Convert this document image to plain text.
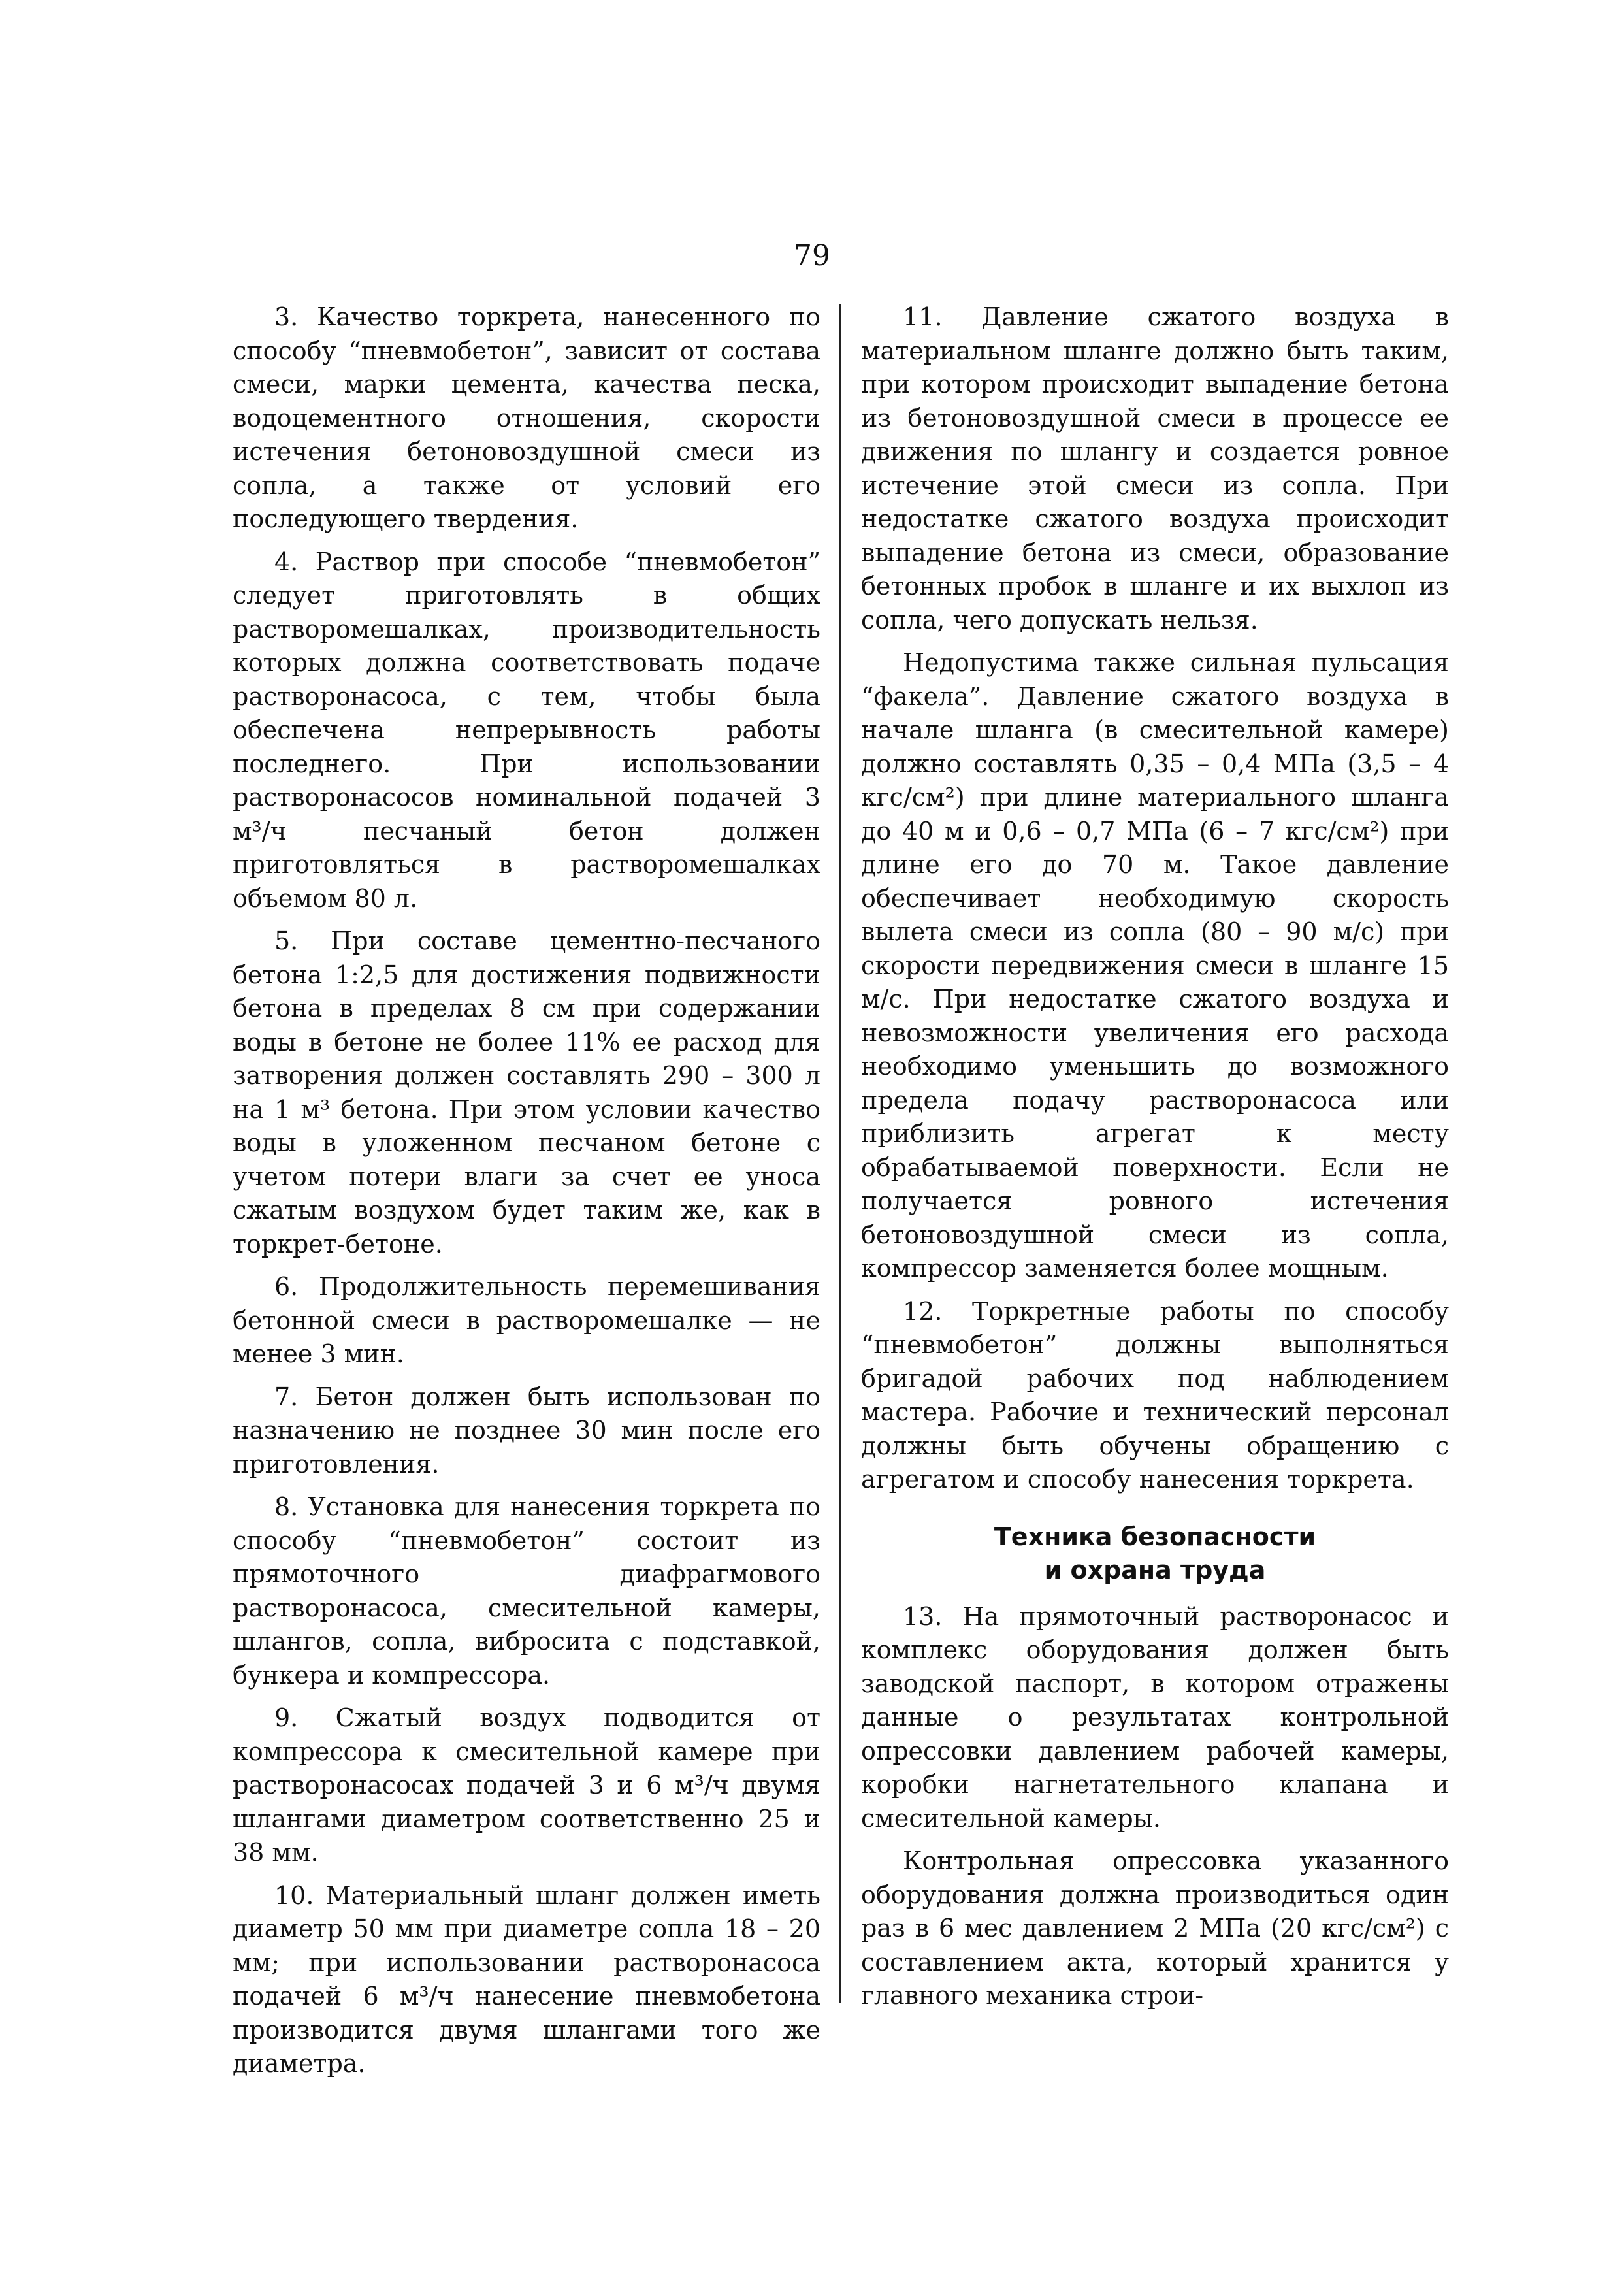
79

3. Качество торкрета, нанесенного по способу “пневмобетон”, зависит от состава смеси, марки цемента, качества песка, водоцементного отношения, скорости истечения бетоновоздушной смеси из сопла, а также от условий его последующего твердения.

4. Раствор при способе “пневмобетон” следует приготовлять в общих растворомешалках, производительность которых должна соответствовать подаче растворонасоса, с тем, чтобы была обеспечена непрерывность работы последнего. При использовании растворонасосов номинальной подачей 3 м³/ч песчаный бетон должен приготовляться в растворомешалках объемом 80 л.

5. При составе цементно-песчаного бетона 1:2,5 для достижения подвижности бетона в пределах 8 см при содержании воды в бетоне не более 11% ее расход для затворения должен составлять 290 – 300 л на 1 м³ бетона. При этом условии качество воды в уложенном песчаном бетоне с учетом потери влаги за счет ее уноса сжатым воздухом будет таким же, как в торкрет-бетоне.

6. Продолжительность перемешивания бетонной смеси в растворомешалке — не менее 3 мин.

7. Бетон должен быть использован по назначению не позднее 30 мин после его приготовления.

8. Установка для нанесения торкрета по способу “пневмобетон” состоит из прямоточного диафрагмового растворонасоса, смесительной камеры, шлангов, сопла, вибросита с подставкой, бункера и компрессора.

9. Сжатый воздух подводится от компрессора к смесительной камере при растворонасосах подачей 3 и 6 м³/ч двумя шлангами диаметром соответственно 25 и 38 мм.

10. Материальный шланг должен иметь диаметр 50 мм при диаметре сопла 18 – 20 мм; при использовании растворонасоса подачей 6 м³/ч нанесение пневмобетона производится двумя шлангами того же диаметра.

11. Давление сжатого воздуха в материальном шланге должно быть таким, при котором происходит выпадение бетона из бетоновоздушной смеси в процессе ее движения по шлангу и создается ровное истечение этой смеси из сопла. При недостатке сжатого воздуха происходит выпадение бетона из смеси, образование бетонных пробок в шланге и их выхлоп из сопла, чего допускать нельзя.

Недопустима также сильная пульсация “факела”. Давление сжатого воздуха в начале шланга (в смесительной камере) должно составлять 0,35 – 0,4 МПа (3,5 – 4 кгс/см²) при длине материального шланга до 40 м и 0,6 – 0,7 МПа (6 – 7 кгс/см²) при длине его до 70 м. Такое давление обеспечивает необходимую скорость вылета смеси из сопла (80 – 90 м/с) при скорости передвижения смеси в шланге 15 м/с. При недостатке сжатого воздуха и невозможности увеличения его расхода необходимо уменьшить до возможного предела подачу растворонасоса или приблизить агрегат к месту обрабатываемой поверхности. Если не получается ровного истечения бетоновоздушной смеси из сопла, компрессор заменяется более мощным.

12. Торкретные работы по способу “пневмобетон” должны выполняться бригадой рабочих под наблюдением мастера. Рабочие и технический персонал должны быть обучены обращению с агрегатом и способу нанесения торкрета.

Техника безопасности
и охрана труда

13. На прямоточный растворонасос и комплекс оборудования должен быть заводской паспорт, в котором отражены данные о результатах контрольной опрессовки давлением рабочей камеры, коробки нагнетательного клапана и смесительной камеры.

Контрольная опрессовка указанного оборудования должна производиться один раз в 6 мес давлением 2 МПа (20 кгс/см²) с составлением акта, который хранится у главного механика строи-
